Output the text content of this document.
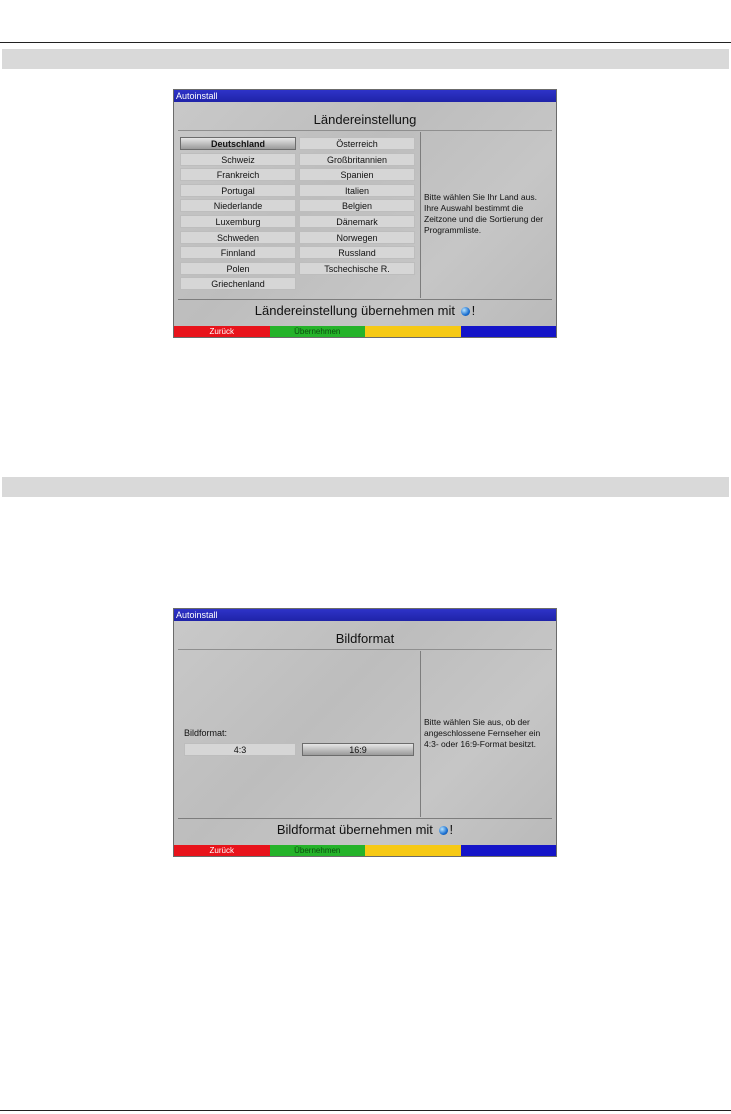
Autoinstall
Ländereinstellung
Deutschland	Österreich
Schweiz	Großbritannien
Frankreich	Spanien
Portugal	Italien
Niederlande	Belgien
Luxemburg	Dänemark
Schweden	Norwegen
Finnland	Russland
Polen	Tschechische R.
Griechenland
Bitte wählen Sie Ihr Land aus. Ihre Auswahl bestimmt die Zeitzone und die Sortierung der Programmliste.
Ländereinstellung übernehmen mit !
Zurück	Übernehmen
Autoinstall
Bildformat
Bildformat:
4:3	16:9
Bitte wählen Sie aus, ob der angeschlossene Fernseher ein 4:3- oder 16:9-Format besitzt.
Bildformat übernehmen mit !
Zurück	Übernehmen
